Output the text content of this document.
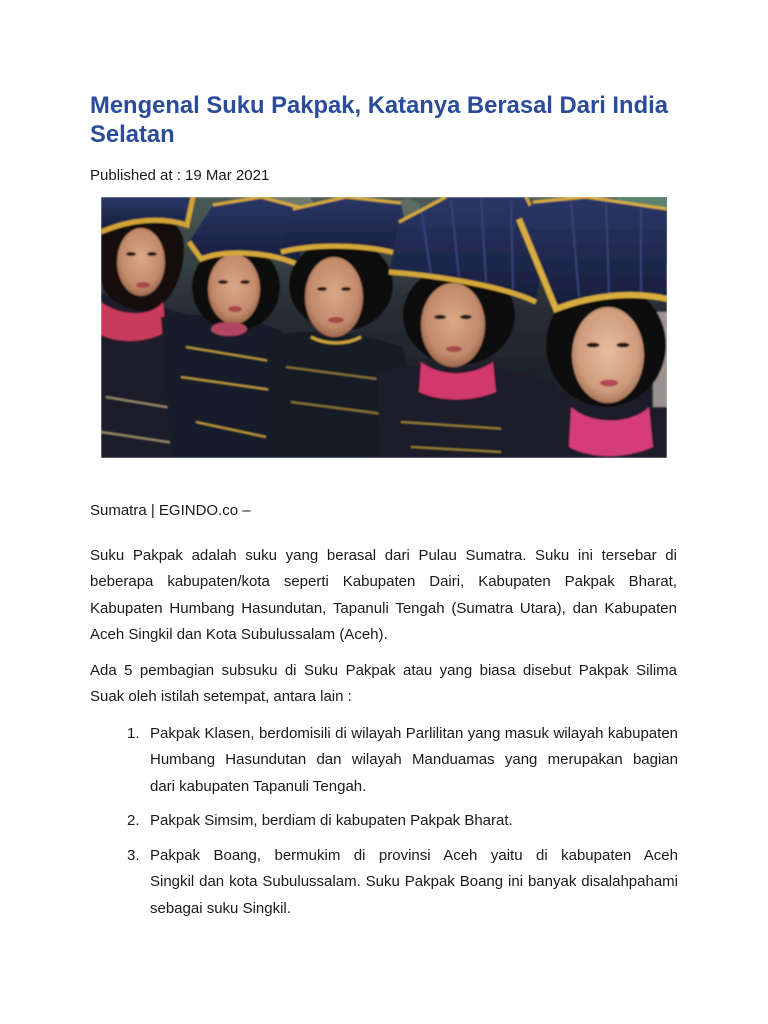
Mengenal Suku Pakpak, Katanya Berasal Dari India Selatan
Published at : 19 Mar 2021
Sumatra | EGINDO.co –
Suku Pakpak adalah suku yang berasal dari Pulau Sumatra. Suku ini tersebar di
beberapa kabupaten/kota seperti Kabupaten Dairi, Kabupaten Pakpak Bharat,
Kabupaten Humbang Hasundutan, Tapanuli Tengah (Sumatra Utara), dan Kabupaten
Aceh Singkil dan Kota Subulussalam (Aceh).
Ada 5 pembagian subsuku di Suku Pakpak atau yang biasa disebut Pakpak Silima
Suak oleh istilah setempat, antara lain :
1. Pakpak Klasen, berdomisili di wilayah Parlilitan yang masuk wilayah kabupaten
Humbang Hasundutan dan wilayah Manduamas yang merupakan bagian
dari kabupaten Tapanuli Tengah.
2. Pakpak Simsim, berdiam di kabupaten Pakpak Bharat.
3. Pakpak Boang, bermukim di provinsi Aceh yaitu di kabupaten Aceh
Singkil dan kota Subulussalam. Suku Pakpak Boang ini banyak disalahpahami
sebagai suku Singkil.
